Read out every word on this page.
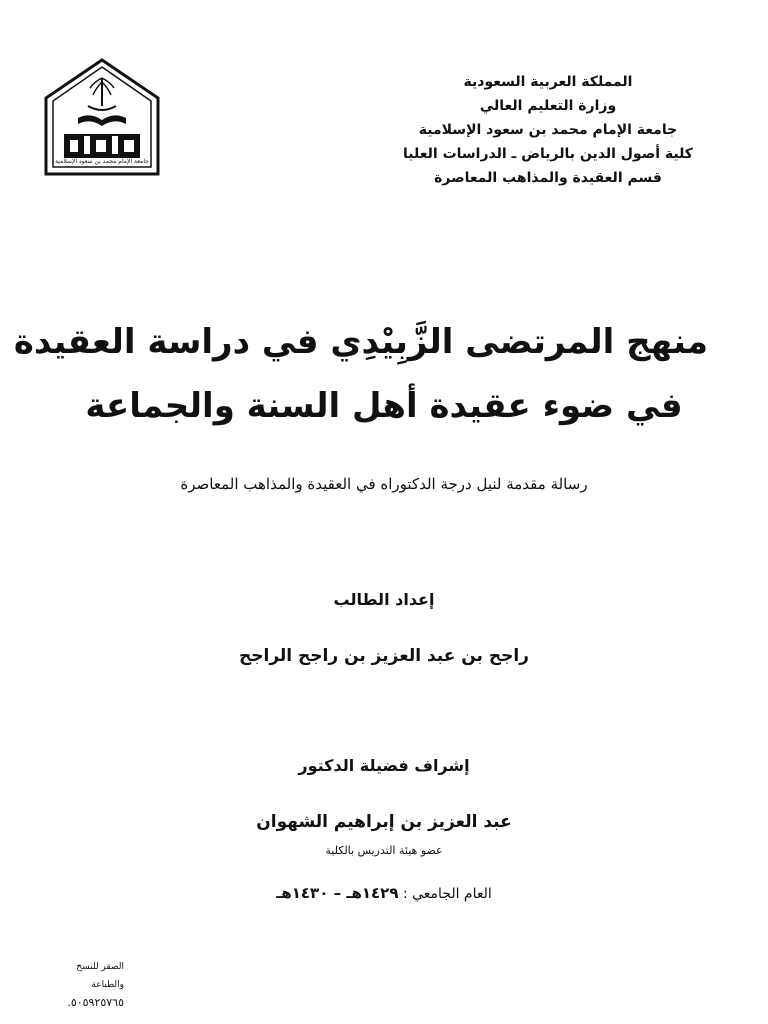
جامعة الإمام محمد بن سعود الإسلامية

المملكة العربية السعودية

وزارة التعليم العالي

جامعة الإمام محمد بن سعود الإسلامية

كلية أصول الدين بالرياض ـ الدراسات العليا

قسم العقيدة والمذاهب المعاصرة

منهج المرتضى الزَّبِيْدِي في دراسة العقيدة

في ضوء عقيدة أهل السنة والجماعة

رسالة مقدمة لنيل درجة الدكتوراه في العقيدة والمذاهب المعاصرة
إعداد الطالب
راجح بن عبد العزيز بن راجح الراجح
إشراف فضيلة الدكتور
عبد العزيز بن إبراهيم الشهوان
عضو هيئة التدريس بالكلية
العام الجامعي : ١٤٢٩هـ – ١٤٣٠هـ
الصقر للنسخ والطباعة
٥٠٥٩٢٥٧٦٥.
